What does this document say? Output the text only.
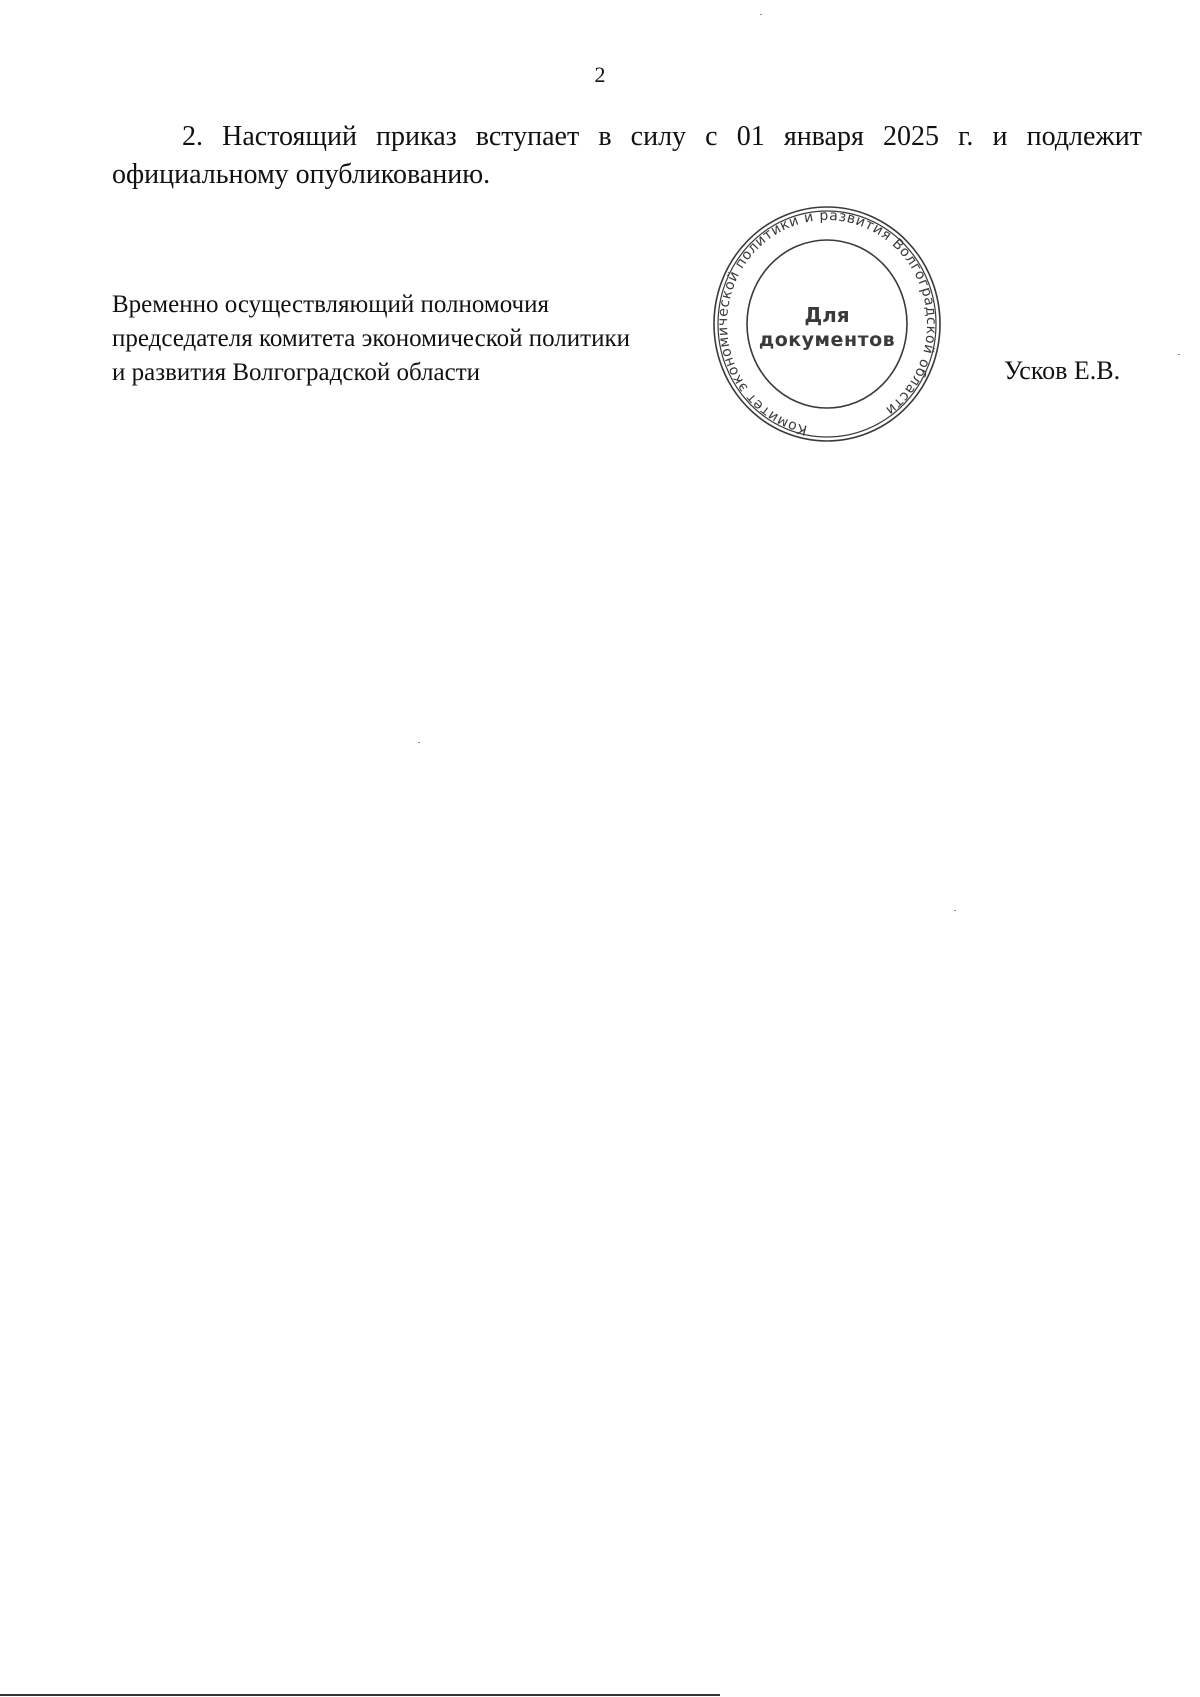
2

2. Настоящий приказ вступает в силу с 01 января 2025 г. и подлежит официальному опубликованию.

Временно осуществляющий полномочия
председателя комитета экономической политики
и развития Волгоградской области	Усков Е.В.
Комитет экономической политики и развития Волгоградской области
Для
документов
